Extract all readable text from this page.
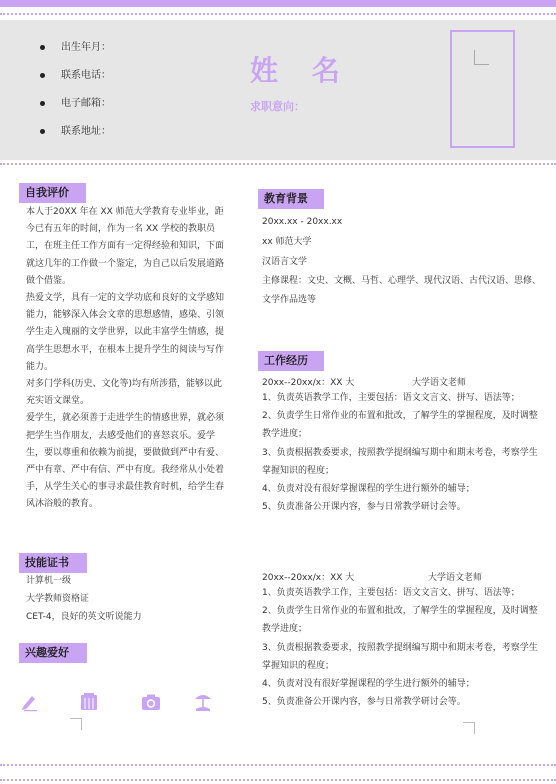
出生年月：
联系电话：
电子邮箱：
联系地址：
姓 名
求职意向：
自我评价

本人于20XX 年在 XX 师范大学教育专业毕业，距今已有五年的时间，作为一名 XX 学校的教职员工，在班主任工作方面有一定得经验和知识，下面就这几年的工作做一个鉴定，为自己以后发展道路做个借鉴。

热爱文学，具有一定的文学功底和良好的文学感知能力，能够深入体会文章的思想感情，感染、引领学生走入瑰丽的文学世界，以此丰富学生情感，提高学生思想水平，在根本上提升学生的阅读与写作能力。

对多门学科(历史、文化等)均有所涉猎，能够以此充实语文课堂。

爱学生，就必须善于走进学生的情感世界，就必须把学生当作朋友，去感受他们的喜怒哀乐。爱学生，要以尊重和依赖为前提，要做做到严中有爱、严中有章、严中有信、严中有度。我经常从小处着手，从学生关心的事寻求最佳教育时机，给学生春风沐浴般的教育。

技能证书

计算机一级

大学教师资格证

CET-4，良好的英文听说能力

兴趣爱好
教育背景

20xx.xx - 20xx.xx

xx 师范大学

汉语言文学

主修课程：文史、文概、马哲、心理学、现代汉语、古代汉语、思修、文学作品选等

工作经历
20xx--20xx/x：XX 大	大学语文老师

1、负责英语教学工作，主要包括：语文文言文、拼写、语法等；

2、负责学生日常作业的布置和批改，了解学生的掌握程度，及时调整教学进度；

3、负责根据教委要求，按照教学提纲编写期中和期末考卷，考察学生掌握知识的程度；

4、负责对没有很好掌握课程的学生进行额外的辅导；

5、负责准备公开课内容，参与日常教学研讨会等。

20xx--20xx/x：XX 大	大学语文老师

1、负责英语教学工作，主要包括：语文文言文、拼写、语法等；

2、负责学生日常作业的布置和批改，了解学生的掌握程度，及时调整教学进度；

3、负责根据教委要求，按照教学提纲编写期中和期末考卷，考察学生掌握知识的程度；

4、负责对没有很好掌握课程的学生进行额外的辅导；

5、负责准备公开课内容，参与日常教学研讨会等。
